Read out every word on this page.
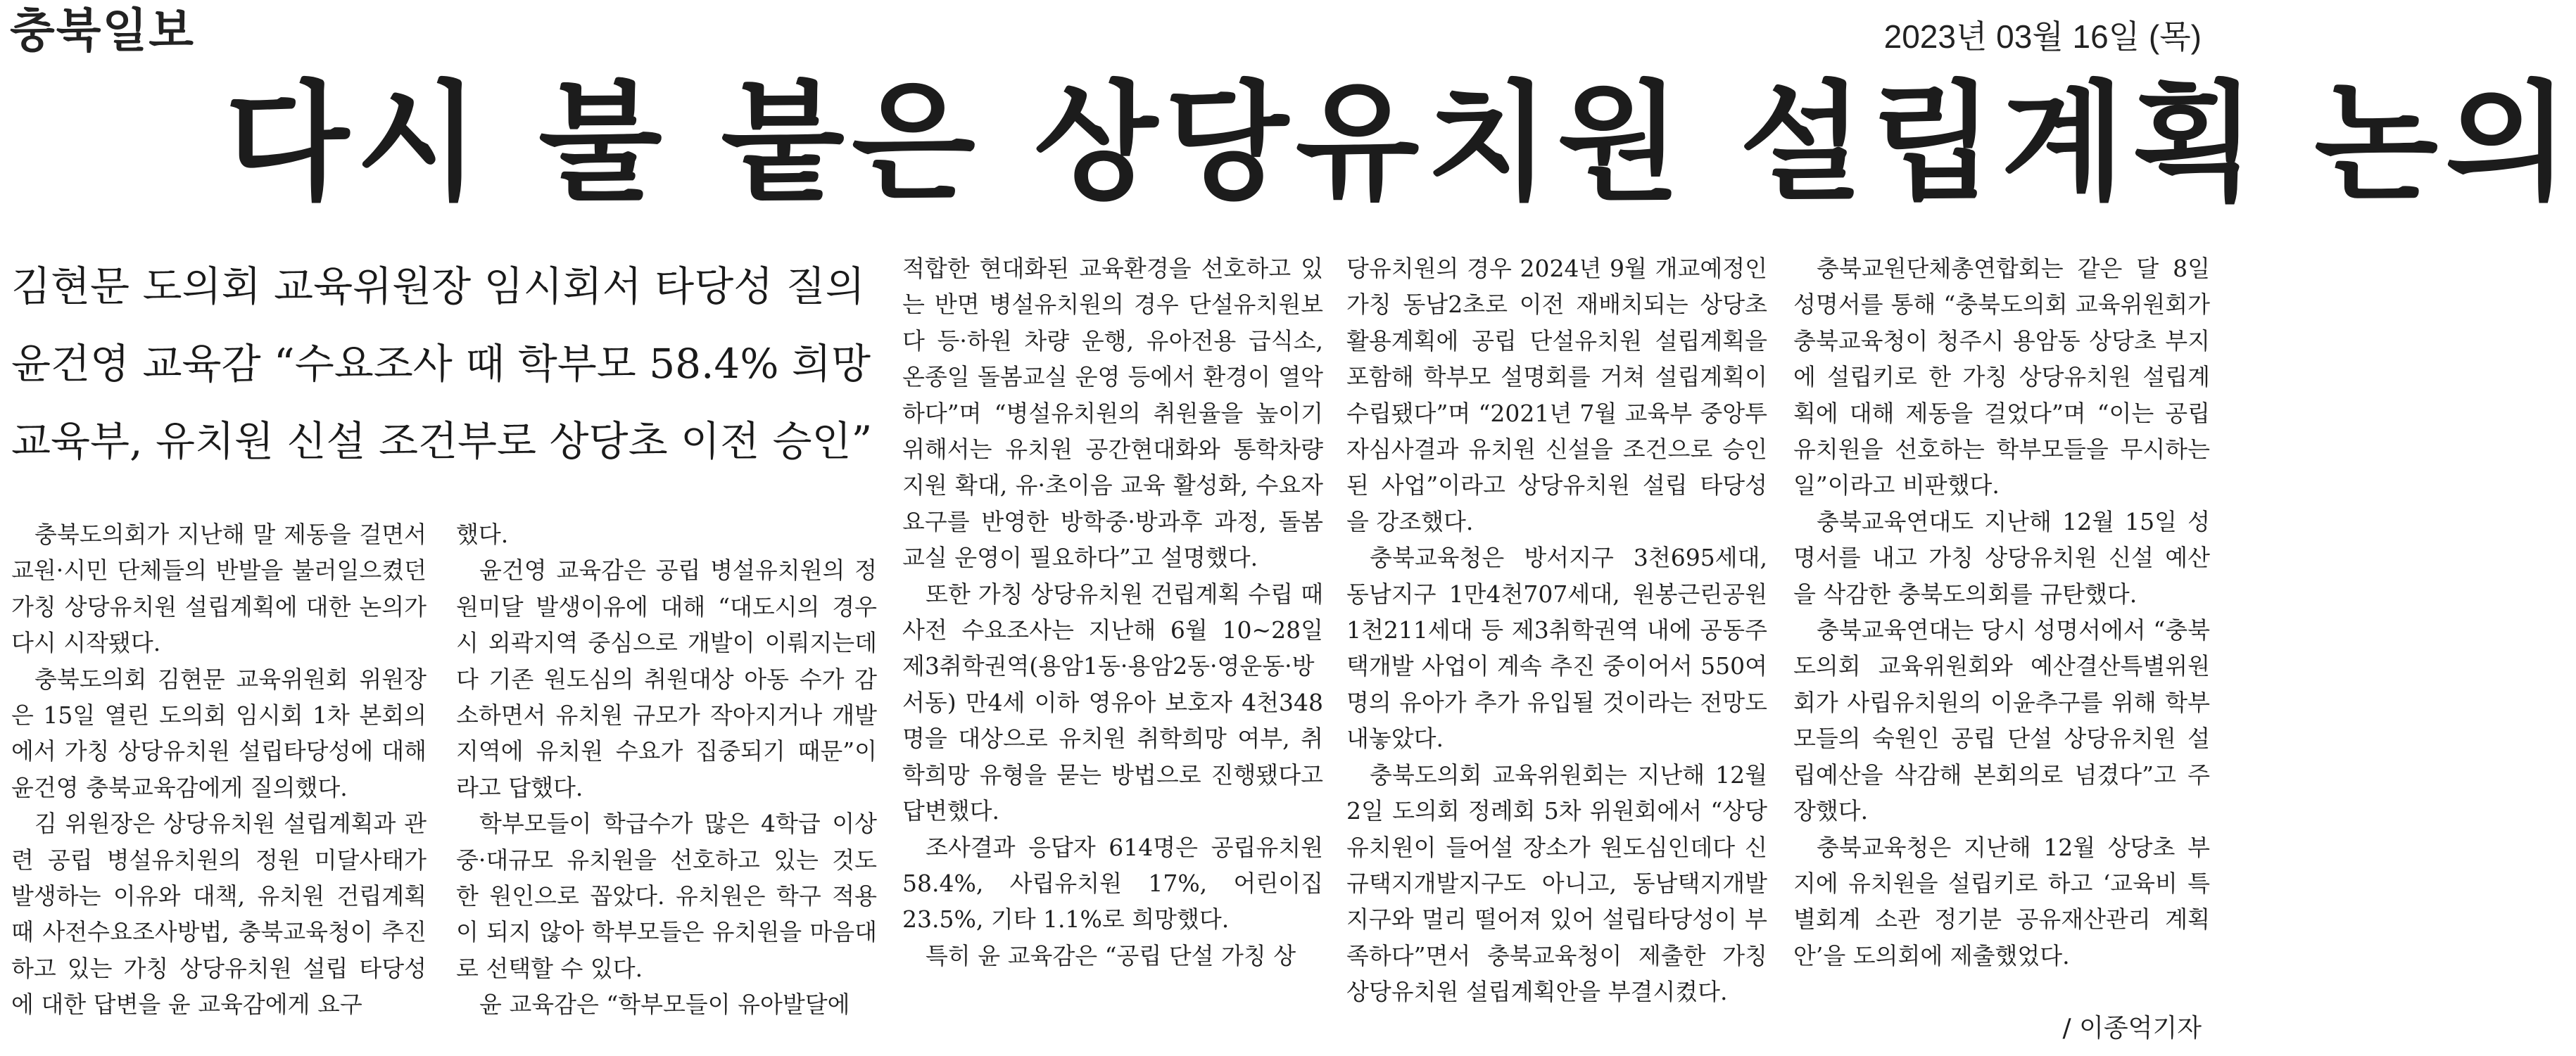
충북일보	2023년 03월 16일 (목)
다시 불 붙은 상당유치원 설립계획 논의
김현문 도의회 교육위원장 임시회서 타당성 질의
윤건영 교육감 “수요조사 때 학부모 58.4% 희망
교육부, 유치원 신설 조건부로 상당초 이전 승인”

충북도의회가 지난해 말 제동을 걸면서 교원·시민 단체들의 반발을 불러일으켰던 가칭 상당유치원 설립계획에 대한 논의가 다시 시작됐다.

충북도의회 김현문 교육위원회 위원장은 15일 열린 도의회 임시회 1차 본회의에서 가칭 상당유치원 설립타당성에 대해 윤건영 충북교육감에게 질의했다.

김 위원장은 상당유치원 설립계획과 관련 공립 병설유치원의 정원 미달사태가 발생하는 이유와 대책, 유치원 건립계획 때 사전수요조사방법, 충북교육청이 추진하고 있는 가칭 상당유치원 설립 타당성에 대한 답변을 윤 교육감에게 요구

했다.

윤건영 교육감은 공립 병설유치원의 정원미달 발생이유에 대해 “대도시의 경우 시 외곽지역 중심으로 개발이 이뤄지는데다 기존 원도심의 취원대상 아동 수가 감소하면서 유치원 규모가 작아지거나 개발지역에 유치원 수요가 집중되기 때문”이라고 답했다.

학부모들이 학급수가 많은 4학급 이상 중·대규모 유치원을 선호하고 있는 것도 한 원인으로 꼽았다. 유치원은 학구 적용이 되지 않아 학부모들은 유치원을 마음대로 선택할 수 있다.

윤 교육감은 “학부모들이 유아발달에

적합한 현대화된 교육환경을 선호하고 있는 반면 병설유치원의 경우 단설유치원보다 등·하원 차량 운행, 유아전용 급식소, 온종일 돌봄교실 운영 등에서 환경이 열악하다”며 “병설유치원의 취원율을 높이기 위해서는 유치원 공간현대화와 통학차량지원 확대, 유·초이음 교육 활성화, 수요자 요구를 반영한 방학중·방과후 과정, 돌봄교실 운영이 필요하다”고 설명했다.

또한 가칭 상당유치원 건립계획 수립 때 사전 수요조사는 지난해 6월 10~28일 제3취학권역(용암1동·용암2동·영운동·방서동) 만4세 이하 영유아 보호자 4천348명을 대상으로 유치원 취학희망 여부, 취학희망 유형을 묻는 방법으로 진행됐다고 답변했다.

조사결과 응답자 614명은 공립유치원 58.4%, 사립유치원 17%, 어린이집 23.5%, 기타 1.1%로 희망했다.

특히 윤 교육감은 “공립 단설 가칭 상

당유치원의 경우 2024년 9월 개교예정인 가칭 동남2초로 이전 재배치되는 상당초 활용계획에 공립 단설유치원 설립계획을 포함해 학부모 설명회를 거쳐 설립계획이 수립됐다”며 “2021년 7월 교육부 중앙투자심사결과 유치원 신설을 조건으로 승인된 사업”이라고 상당유치원 설립 타당성을 강조했다.

충북교육청은 방서지구 3천695세대, 동남지구 1만4천707세대, 원봉근린공원 1천211세대 등 제3취학권역 내에 공동주택개발 사업이 계속 추진 중이어서 550여명의 유아가 추가 유입될 것이라는 전망도 내놓았다.

충북도의회 교육위원회는 지난해 12월 2일 도의회 정례회 5차 위원회에서 “상당유치원이 들어설 장소가 원도심인데다 신규택지개발지구도 아니고, 동남택지개발지구와 멀리 떨어져 있어 설립타당성이 부족하다”면서 충북교육청이 제출한 가칭 상당유치원 설립계획안을 부결시켰다.

충북교원단체총연합회는 같은 달 8일 성명서를 통해 “충북도의회 교육위원회가 충북교육청이 청주시 용암동 상당초 부지에 설립키로 한 가칭 상당유치원 설립계획에 대해 제동을 걸었다”며 “이는 공립유치원을 선호하는 학부모들을 무시하는 일”이라고 비판했다.

충북교육연대도 지난해 12월 15일 성명서를 내고 가칭 상당유치원 신설 예산을 삭감한 충북도의회를 규탄했다.

충북교육연대는 당시 성명서에서 “충북도의회 교육위원회와 예산결산특별위원회가 사립유치원의 이윤추구를 위해 학부모들의 숙원인 공립 단설 상당유치원 설립예산을 삭감해 본회의로 넘겼다”고 주장했다.

충북교육청은 지난해 12월 상당초 부지에 유치원을 설립키로 하고 ‘교육비 특별회계 소관 정기분 공유재산관리 계획안’을 도의회에 제출했었다.

/ 이종억기자
